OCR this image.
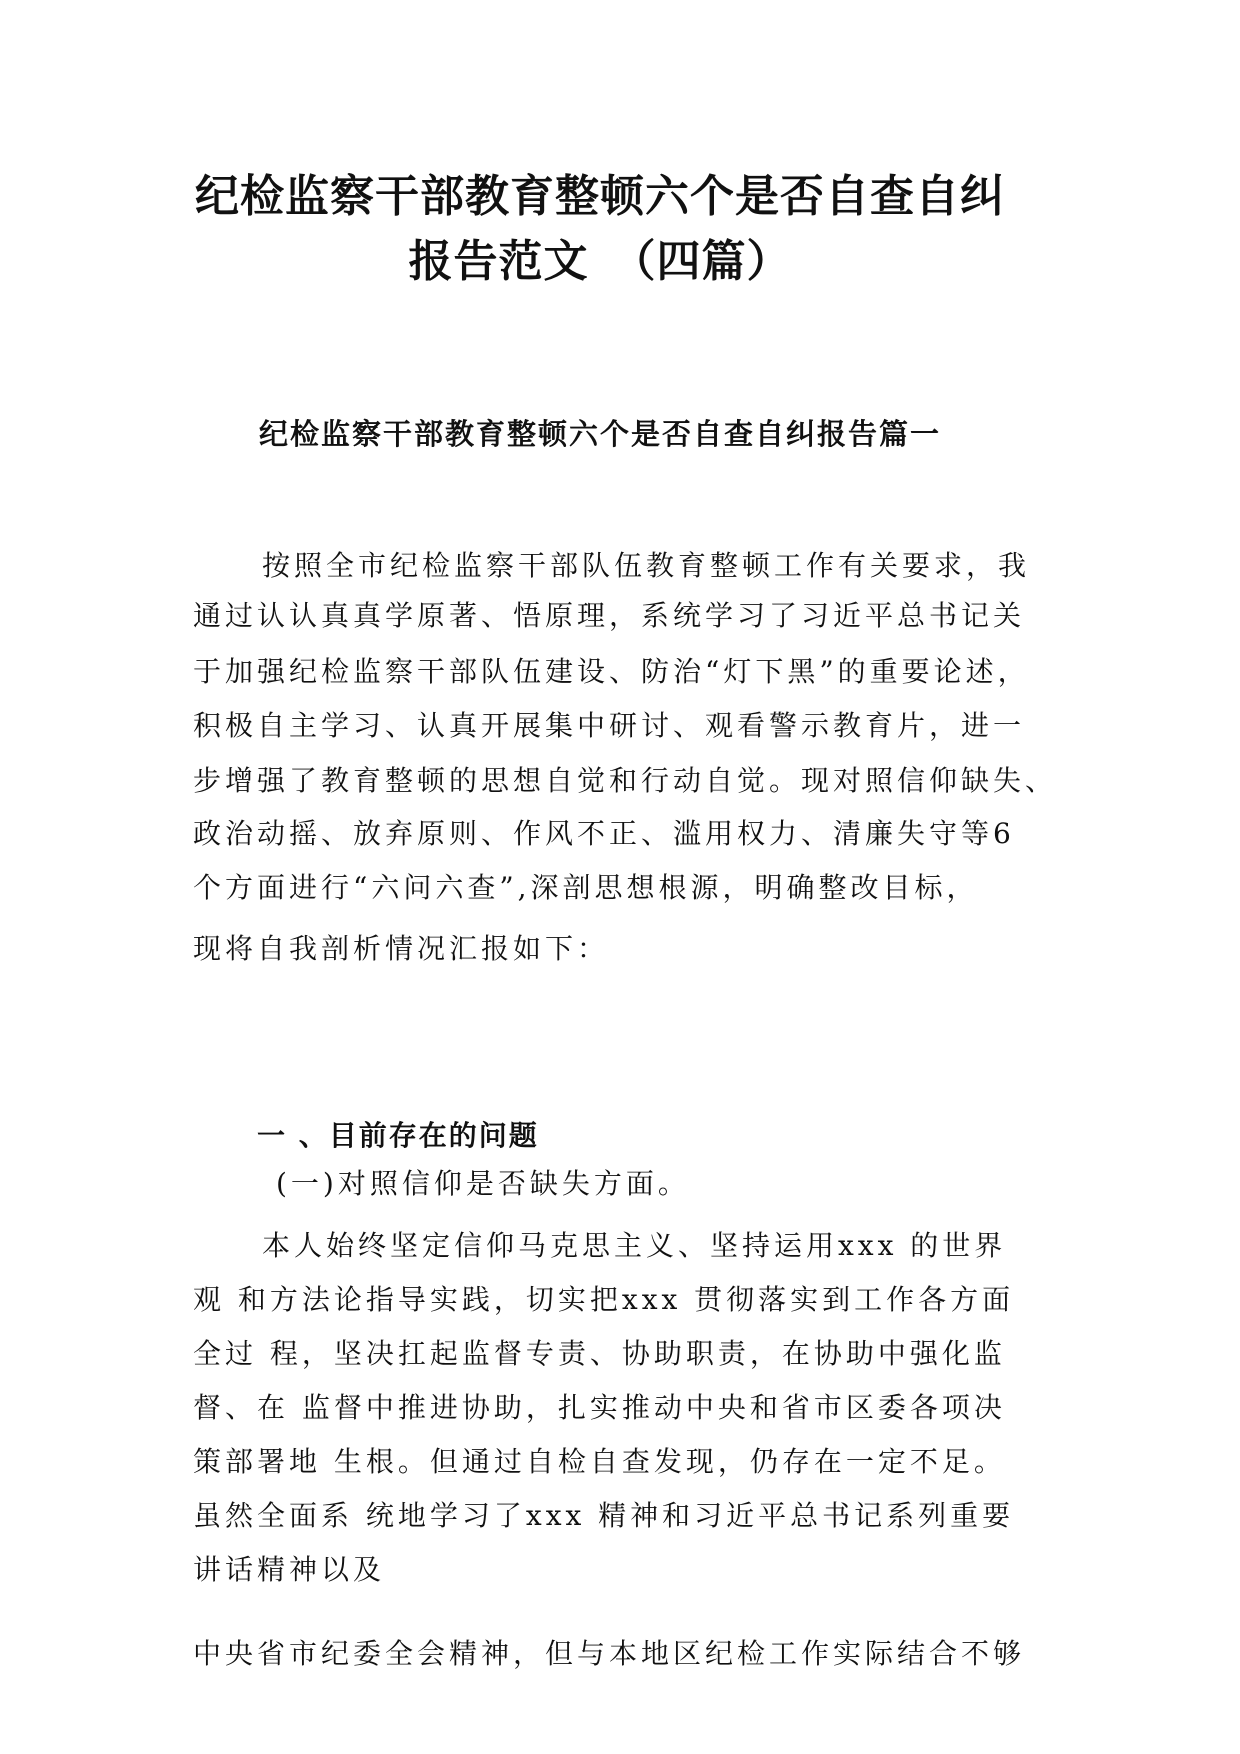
纪检监察干部教育整顿六个是否自查自纠
报告范文　（四篇）
纪检监察干部教育整顿六个是否自查自纠报告篇一
按照全市纪检监察干部队伍教育整顿工作有关要求，我
通过认认真真学原著、悟原理，系统学习了习近平总书记关
于加强纪检监察干部队伍建设、防治“灯下黑”的重要论述，
积极自主学习、认真开展集中研讨、观看警示教育片，进一
步增强了教育整顿的思想自觉和行动自觉。现对照信仰缺失、
政治动摇、放弃原则、作风不正、滥用权力、清廉失守等6
个方面进行“六问六查”,深剖思想根源，明确整改目标，
现将自我剖析情况汇报如下：
一 、目前存在的问题
(一)对照信仰是否缺失方面。
本人始终坚定信仰马克思主义、坚持运用xxx 的世界
观 和方法论指导实践，切实把xxx 贯彻落实到工作各方面
全过 程，坚决扛起监督专责、协助职责，在协助中强化监
督、在 监督中推进协助，扎实推动中央和省市区委各项决
策部署地 生根。但通过自检自查发现，仍存在一定不足。
虽然全面系 统地学习了xxx 精神和习近平总书记系列重要
讲话精神以及
中央省市纪委全会精神，但与本地区纪检工作实际结合不够
